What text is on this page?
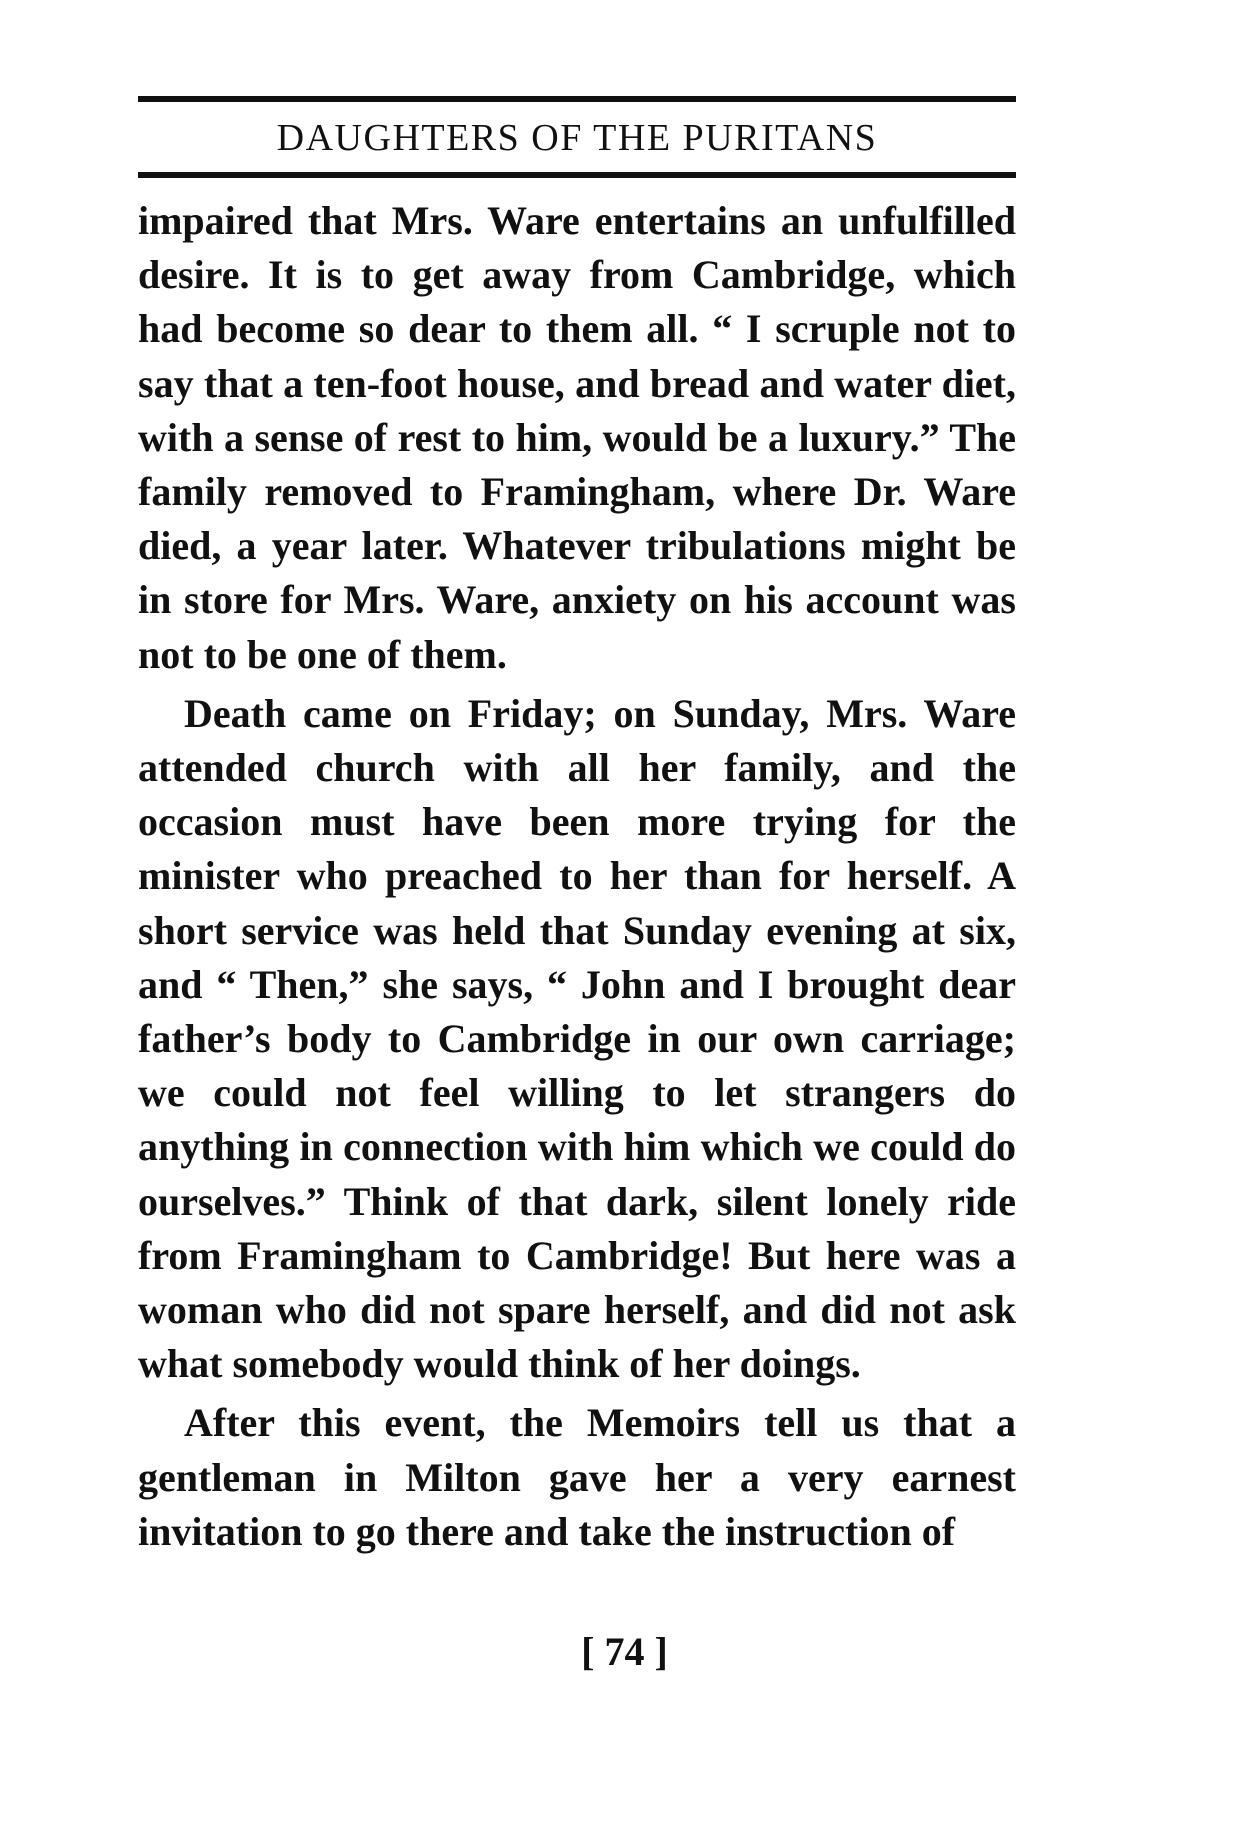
DAUGHTERS OF THE PURITANS

impaired that Mrs. Ware entertains an unfulfilled desire. It is to get away from Cambridge, which had become so dear to them all. “ I scruple not to say that a ten-foot house, and bread and water diet, with a sense of rest to him, would be a luxury.” The family removed to Framingham, where Dr. Ware died, a year later. Whatever tribulations might be in store for Mrs. Ware, anxiety on his account was not to be one of them.

Death came on Friday; on Sunday, Mrs. Ware attended church with all her family, and the occasion must have been more trying for the minister who preached to her than for herself. A short service was held that Sunday evening at six, and “ Then,” she says, “ John and I brought dear father’s body to Cambridge in our own carriage; we could not feel willing to let strangers do anything in connection with him which we could do ourselves.” Think of that dark, silent lonely ride from Framingham to Cambridge! But here was a woman who did not spare herself, and did not ask what somebody would think of her doings.

After this event, the Memoirs tell us that a gentleman in Milton gave her a very earnest invitation to go there and take the instruction of

[ 74 ]
